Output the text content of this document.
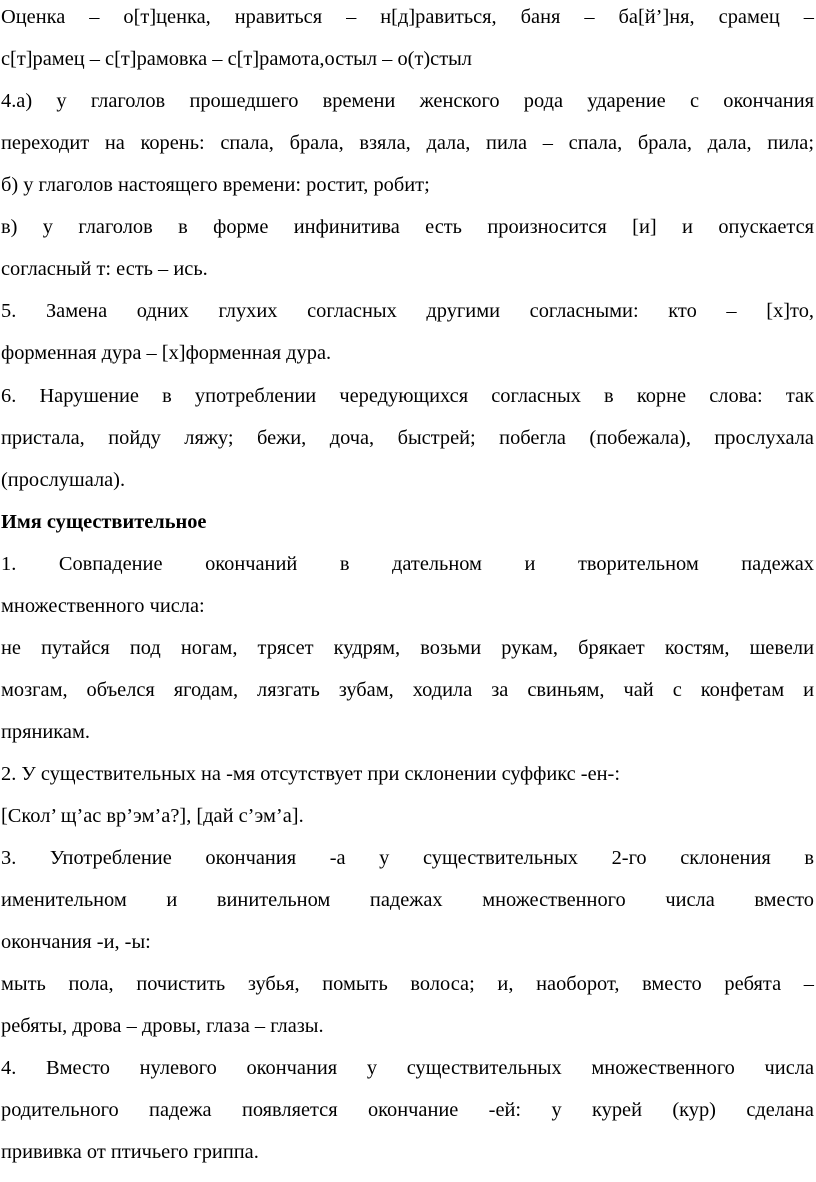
Оценка – о[т]ценка, нравиться – н[д]равиться, баня – ба[й’]ня, срамец –
с[т]рамец – с[т]рамовка – с[т]рамота,остыл – о(т)стыл
4.а) у глаголов прошедшего времени женского рода ударение с окончания
переходит на корень: спала, брала, взяла, дала, пила – спала, брала, дала, пила;
б) у глаголов настоящего времени: ростит, робит;
в) у глаголов в форме инфинитива есть произносится [и] и опускается
согласный т: есть – ись.
5. Замена одних глухих согласных другими согласными: кто – [х]то,
форменная дура – [х]форменная дура.
6. Нарушение в употреблении чередующихся согласных в корне слова: так
пристала, пойду ляжу; бежи, доча, быстрей; побегла (побежала), прослухала
(прослушала).
Имя существительное
1. Совпадение окончаний в дательном и творительном падежах
множественного числа:
не путайся под ногам, трясет кудрям, возьми рукам, брякает костям, шевели
мозгам, объелся ягодам, лязгать зубам, ходила за свиньям, чай с конфетам и
пряникам.
2. У существительных на -мя отсутствует при склонении суффикс -ен-:
[Скол’ щ’ас вр’эм’а?], [дай с’эм’а].
3. Употребление окончания -а у существительных 2-го склонения в
именительном и винительном падежах множественного числа вместо
окончания -и, -ы:
мыть пола, почистить зубья, помыть волоса; и, наоборот, вместо ребята –
ребяты, дрова – дровы, глаза – глазы.
4. Вместо нулевого окончания у существительных множественного числа
родительного падежа появляется окончание -ей: у курей (кур) сделана
прививка от птичьего гриппа.
